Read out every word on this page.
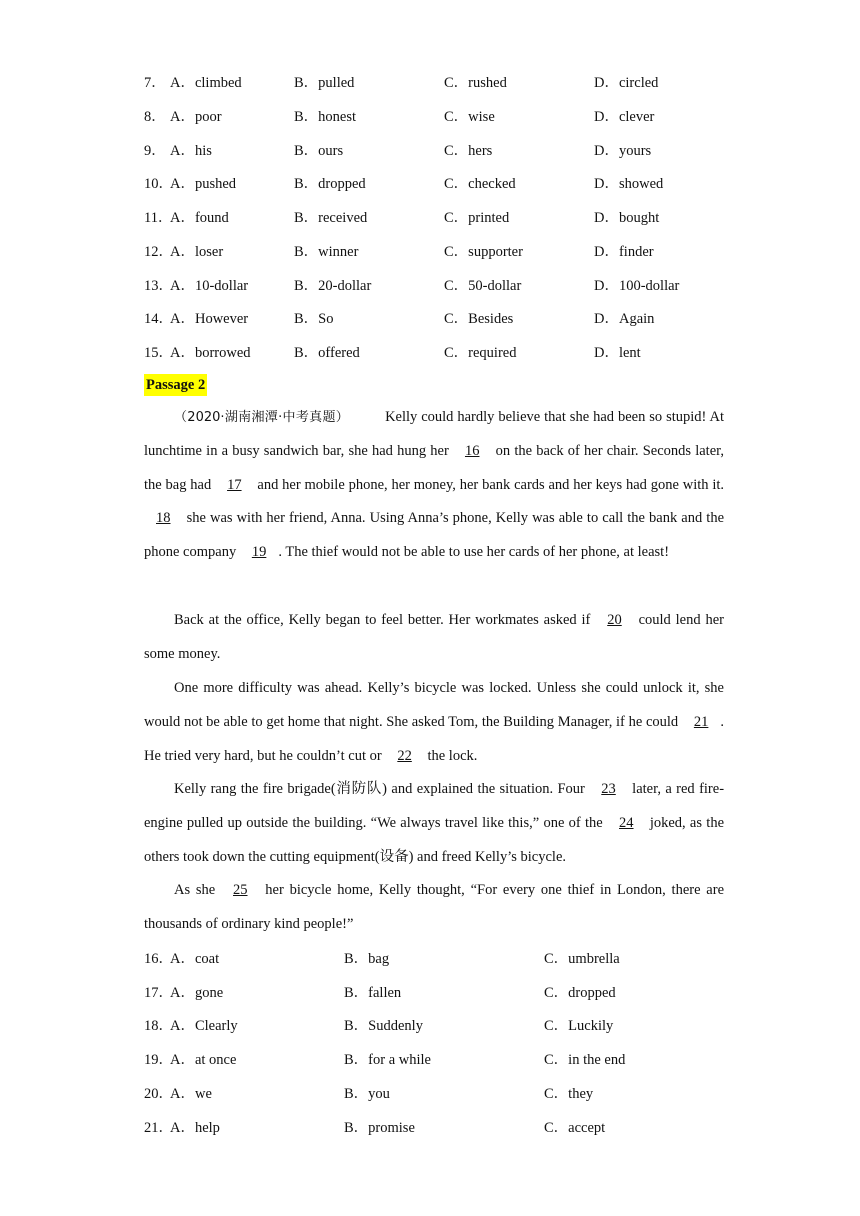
7． A．climbed	B．pulled	C．rushed	D．circled
8． A．poor	B．honest	C．wise	D．clever
9． A．his	B．ours	C．hers	D．yours
10．
A．pushed	B．dropped	C．checked	D．showed
11．
A．found	B．received	C．printed	D．bought
12．
A．loser	B．winner	C．supporter	D．finder
13．
A．10-dollar	B．20-dollar	C．50-dollar	D．100-dollar
14．
A．However	B．So	C．Besides	D．Again
15．
A．borrowed	B．offered	C．required	D．lent
Passage 2

（2020·湖南湘潭·中考真题） Kelly could hardly believe that she had been so stupid! At lunchtime in a busy sandwich bar, she had hung her 16 on the back of her chair. Seconds later, the bag had 17 and her mobile phone, her money, her bank cards and her keys had gone with it. 18 she was with her friend, Anna. Using Anna’s phone, Kelly was able to call the bank and the phone company 19 . The thief would not be able to use her cards of her phone, at least!

Back at the office, Kelly began to feel better. Her workmates asked if 20 could lend her some money.

One more difficulty was ahead. Kelly’s bicycle was locked. Unless she could unlock it, she would not be able to get home that night. She asked Tom, the Building Manager, if he could 21 . He tried very hard, but he couldn’t cut or 22 the lock.

Kelly rang the fire brigade(消防队) and explained the situation. Four 23 later, a red fire-engine pulled up outside the building. “We always travel like this,” one of the 24 joked, as the others took down the cutting equipment(设备) and freed Kelly’s bicycle.

As she 25 her bicycle home, Kelly thought, “For every one thief in London, there are thousands of ordinary kind people!”

16．
A．coat	B．bag	C．umbrella
17．
A．gone	B．fallen	C．dropped
18．
A．Clearly	B．Suddenly	C．Luckily
19．
A．at once	B．for a while	C．in the end
20．
A．we	B．you	C．they
21．
A．help	B．promise	C．accept
